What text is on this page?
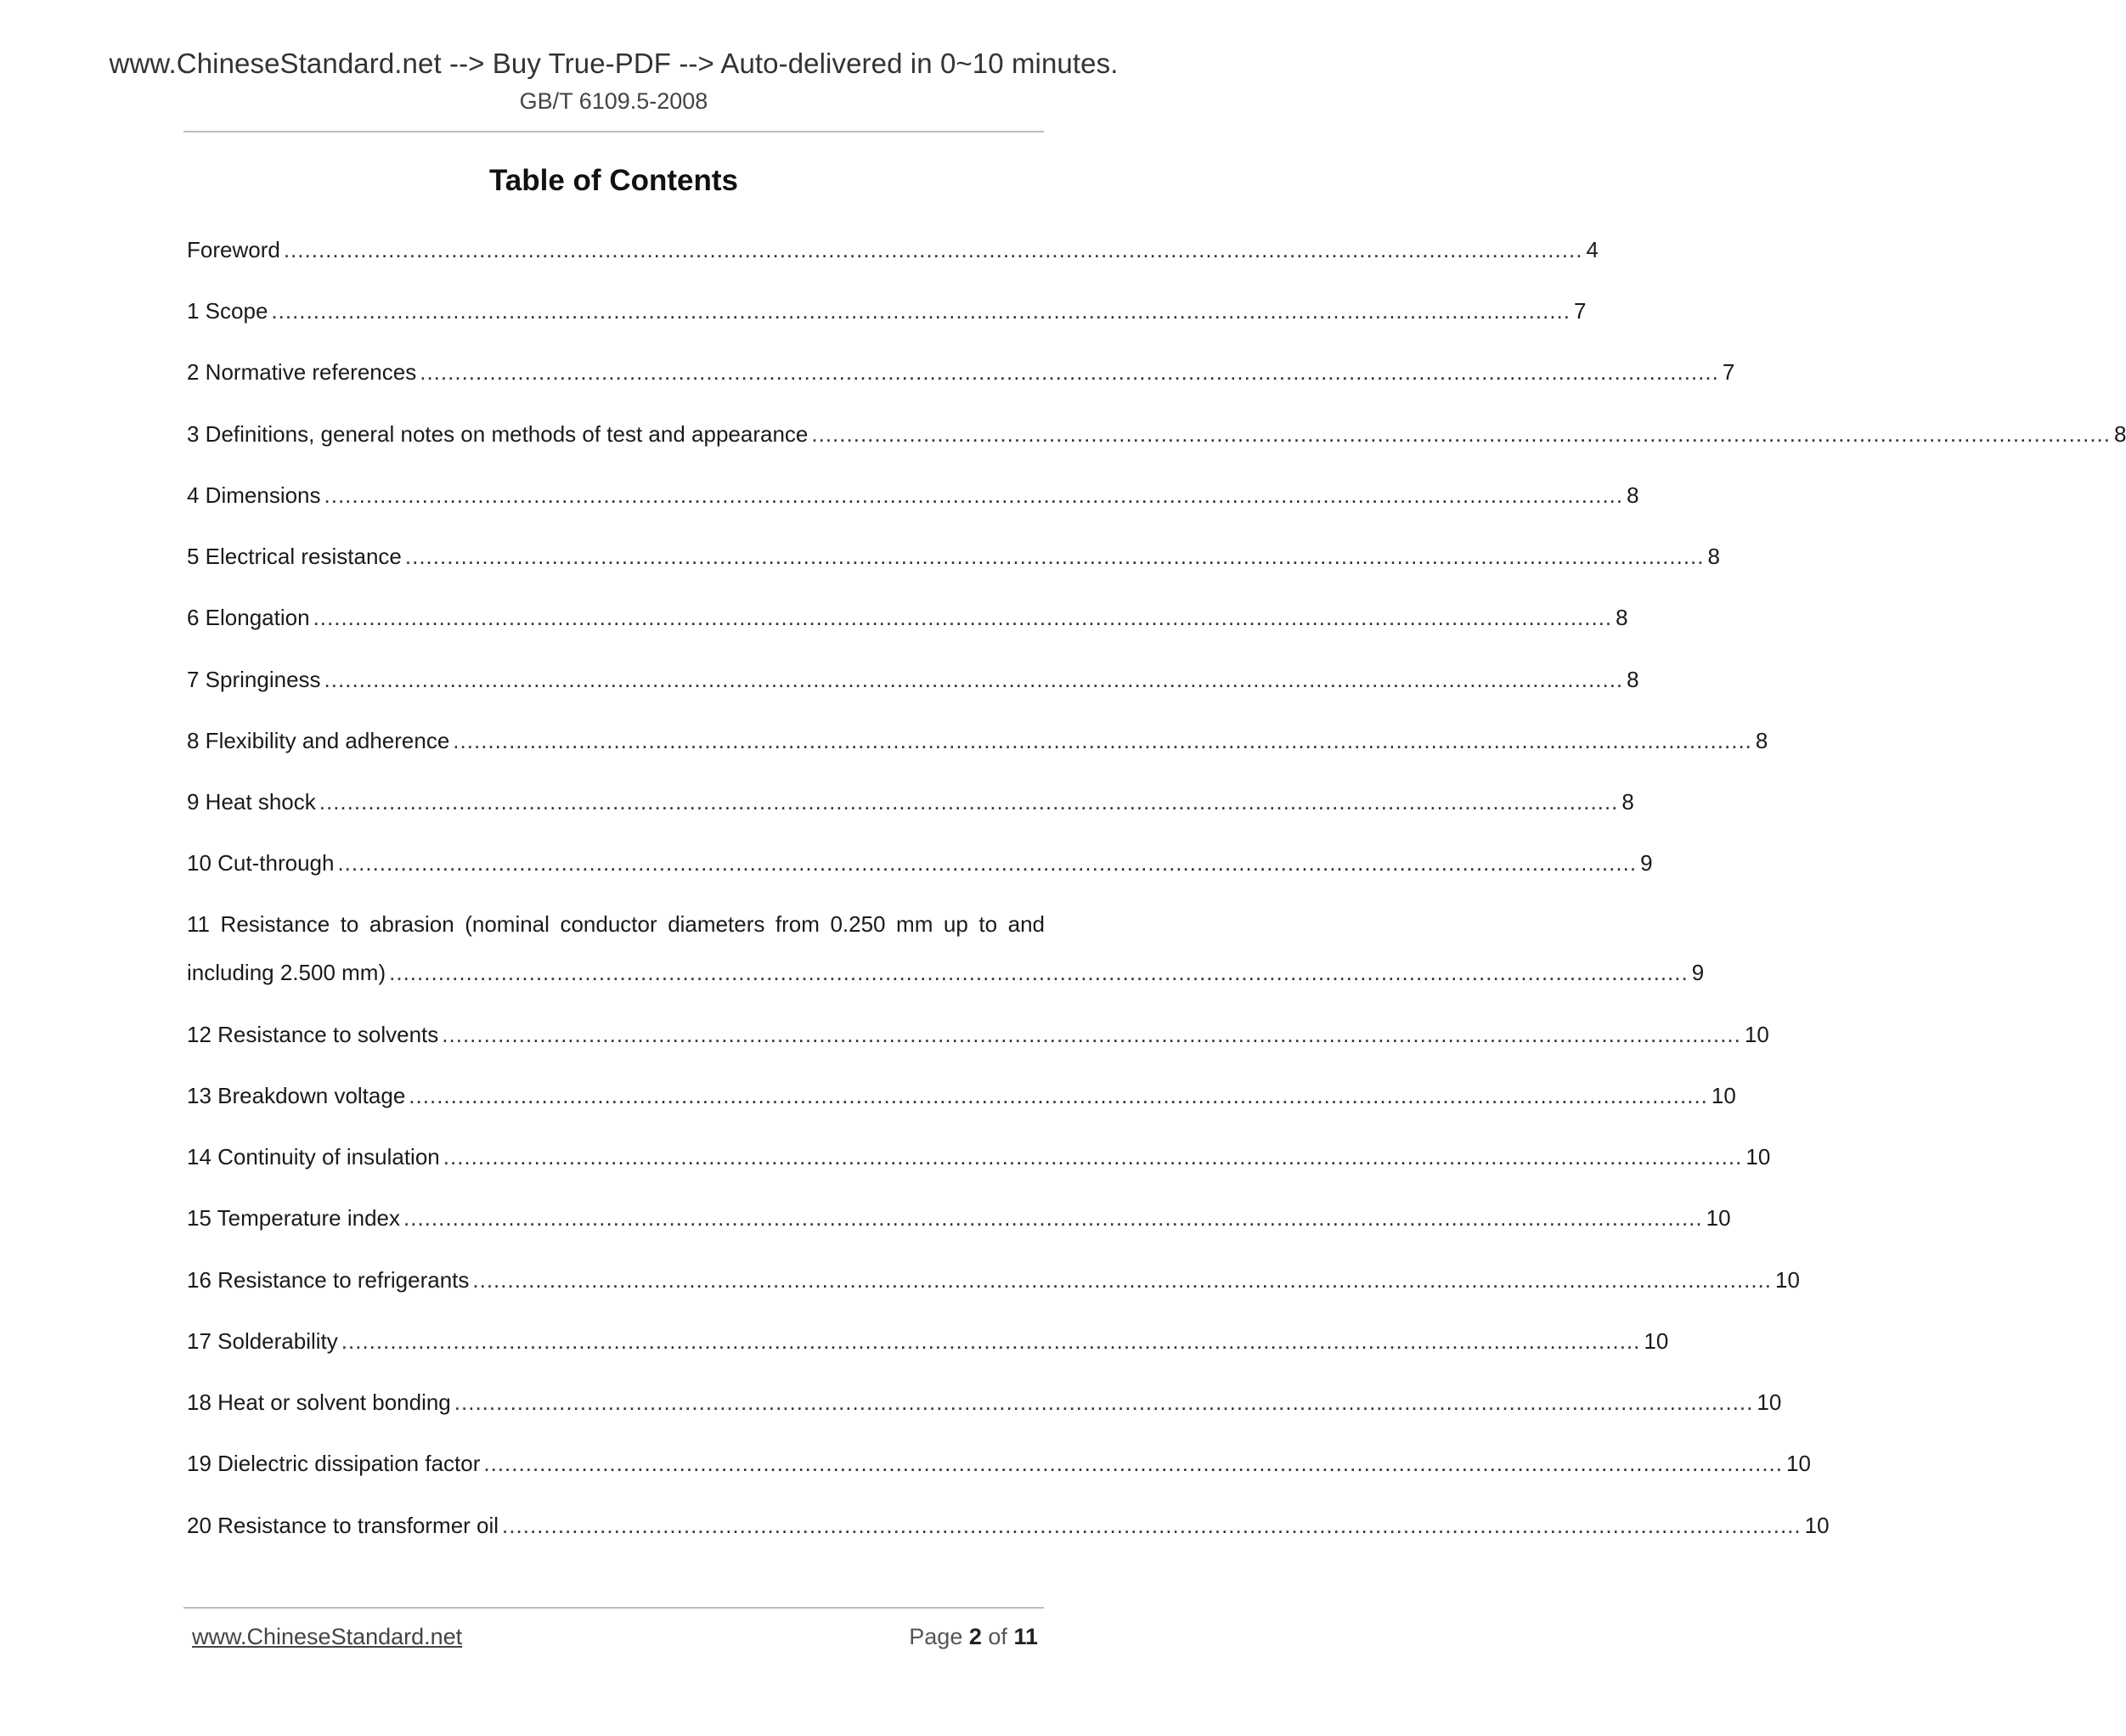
www.ChineseStandard.net --> Buy True-PDF --> Auto-delivered in 0~10 minutes.
GB/T 6109.5-2008
Table of Contents
Foreword .......................................................................................................................................................................................... 4
1 Scope .......................................................................................................................................................................................... 7
2 Normative references .......................................................................................................................................................................................... 7
3 Definitions, general notes on methods of test and appearance .......................................................................................................................................................................................... 8
4 Dimensions .......................................................................................................................................................................................... 8
5 Electrical resistance .......................................................................................................................................................................................... 8
6 Elongation .......................................................................................................................................................................................... 8
7 Springiness .......................................................................................................................................................................................... 8
8 Flexibility and adherence .......................................................................................................................................................................................... 8
9 Heat shock .......................................................................................................................................................................................... 8
10 Cut-through .......................................................................................................................................................................................... 9
11 Resistance to abrasion (nominal conductor diameters from 0.250 mm up to and
including 2.500 mm) .......................................................................................................................................................................................... 9
12 Resistance to solvents .......................................................................................................................................................................................... 10
13 Breakdown voltage .......................................................................................................................................................................................... 10
14 Continuity of insulation .......................................................................................................................................................................................... 10
15 Temperature index .......................................................................................................................................................................................... 10
16 Resistance to refrigerants .......................................................................................................................................................................................... 10
17 Solderability .......................................................................................................................................................................................... 10
18 Heat or solvent bonding .......................................................................................................................................................................................... 10
19 Dielectric dissipation factor .......................................................................................................................................................................................... 10
20 Resistance to transformer oil .......................................................................................................................................................................................... 10
www.ChineseStandard.net	Page 2 of 11
